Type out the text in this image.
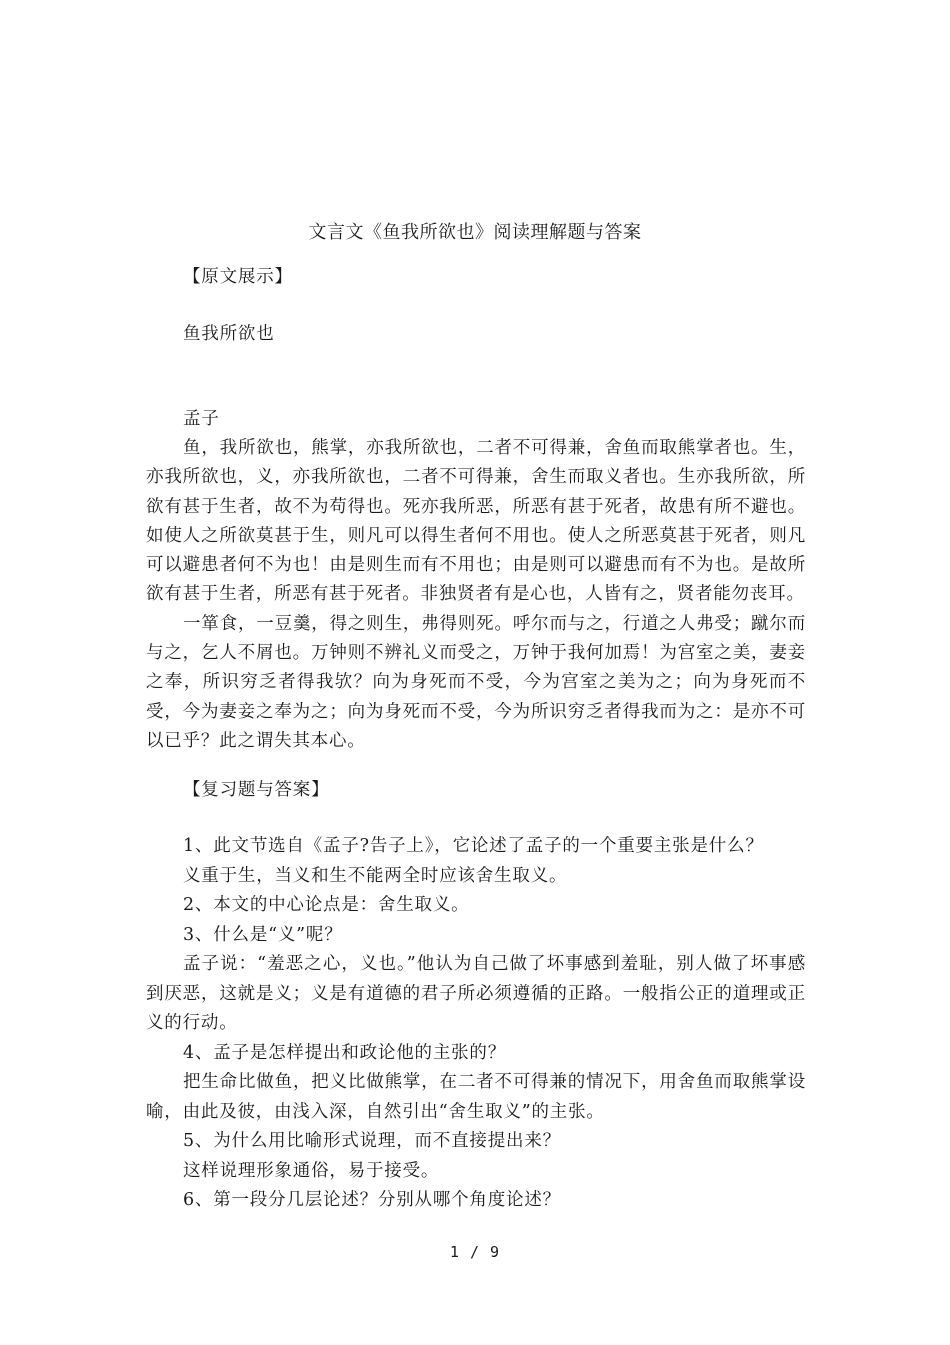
文言文《鱼我所欲也》阅读理解题与答案
【原文展示】
鱼我所欲也
孟子

鱼，我所欲也，熊掌，亦我所欲也，二者不可得兼，舍鱼而取熊掌者也。生，亦我所欲也，义，亦我所欲也，二者不可得兼，舍生而取义者也。生亦我所欲，所欲有甚于生者，故不为苟得也。死亦我所恶，所恶有甚于死者，故患有所不避也。如使人之所欲莫甚于生，则凡可以得生者何不用也。使人之所恶莫甚于死者，则凡可以避患者何不为也！由是则生而有不用也；由是则可以避患而有不为也。是故所欲有甚于生者，所恶有甚于死者。非独贤者有是心也，人皆有之，贤者能勿丧耳。

一箪食，一豆羹，得之则生，弗得则死。呼尔而与之，行道之人弗受；蹴尔而与之，乞人不屑也。万钟则不辨礼义而受之，万钟于我何加焉！为宫室之美，妻妾之奉，所识穷乏者得我欤？向为身死而不受，今为宫室之美为之；向为身死而不受，今为妻妾之奉为之；向为身死而不受，今为所识穷乏者得我而为之：是亦不可以已乎？此之谓失其本心。

【复习题与答案】

1、此文节选自《孟子?告子上》，它论述了孟子的一个重要主张是什么？

义重于生，当义和生不能两全时应该舍生取义。

2、本文的中心论点是：舍生取义。

3、什么是“义”呢？

孟子说：“羞恶之心，义也。”他认为自己做了坏事感到羞耻，别人做了坏事感到厌恶，这就是义；义是有道德的君子所必须遵循的正路。一般指公正的道理或正义的行动。

4、孟子是怎样提出和政论他的主张的？

把生命比做鱼，把义比做熊掌，在二者不可得兼的情况下，用舍鱼而取熊掌设喻，由此及彼，由浅入深，自然引出“舍生取义”的主张。

5、为什么用比喻形式说理，而不直接提出来？

这样说理形象通俗，易于接受。

6、第一段分几层论述？分别从哪个角度论述？

1 / 9
